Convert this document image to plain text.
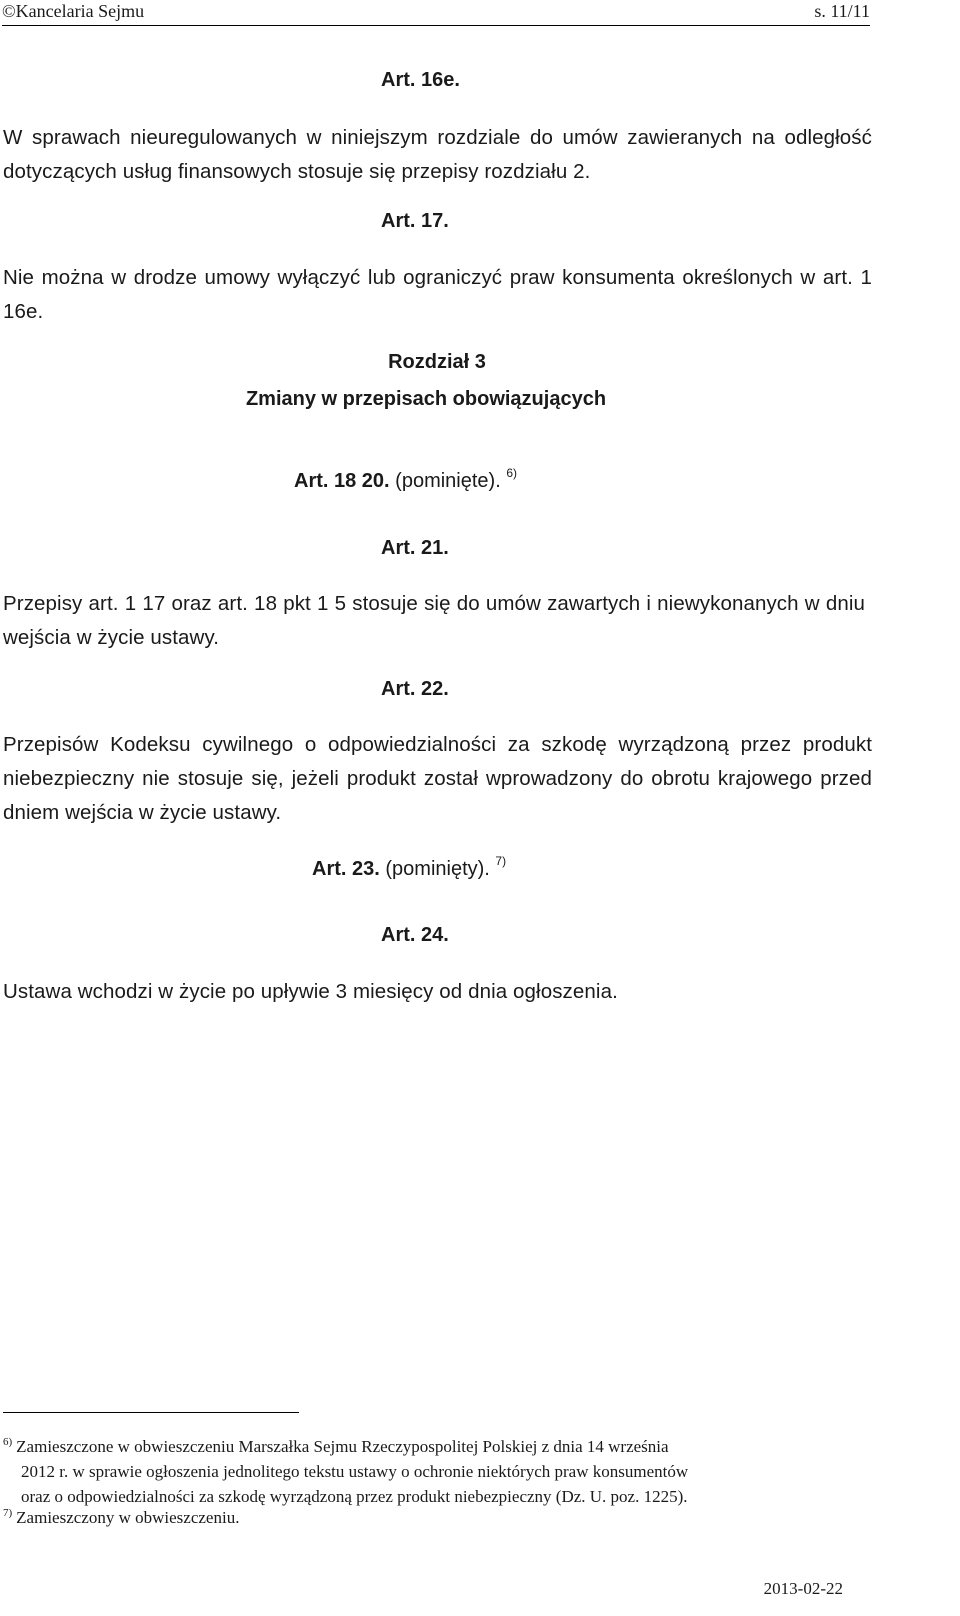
©Kancelaria Sejmu	s. 11/11
Art. 16e.

W sprawach nieuregulowanych w niniejszym rozdziale do umów zawieranych na odległość dotyczących usług finansowych stosuje się przepisy rozdziału 2.

Art. 17.

Nie można w drodze umowy wyłączyć lub ograniczyć praw konsumenta określonych w art. 1 16e.

Rozdział 3
Zmiany w przepisach obowiązujących
Art. 18 20. (pominięte). $^{6)}$
Art. 21.

Przepisy art. 1 17 oraz art. 18 pkt 1 5 stosuje się do umów zawartych i niewykonanych w dniu wejścia w życie ustawy.

Art. 22.

Przepisów Kodeksu cywilnego o odpowiedzialności za szkodę wyrządzoną przez produkt niebezpieczny nie stosuje się, jeżeli produkt został wprowadzony do obrotu krajowego przed dniem wejścia w życie ustawy.

Art. 23. (pominięty). $^{7)}$
Art. 24.

Ustawa wchodzi w życie po upływie 3 miesięcy od dnia ogłoszenia.

$^{6)}$ Zamieszczone w obwieszczeniu Marszałka Sejmu Rzeczypospolitej Polskiej z dnia 14 września
2012 r. w sprawie ogłoszenia jednolitego tekstu ustawy o ochronie niektórych praw konsumentów
oraz o odpowiedzialności za szkodę wyrządzoną przez produkt niebezpieczny (Dz. U. poz. 1225).
$^{7)}$ Zamieszczony w obwieszczeniu.
2013-02-22
